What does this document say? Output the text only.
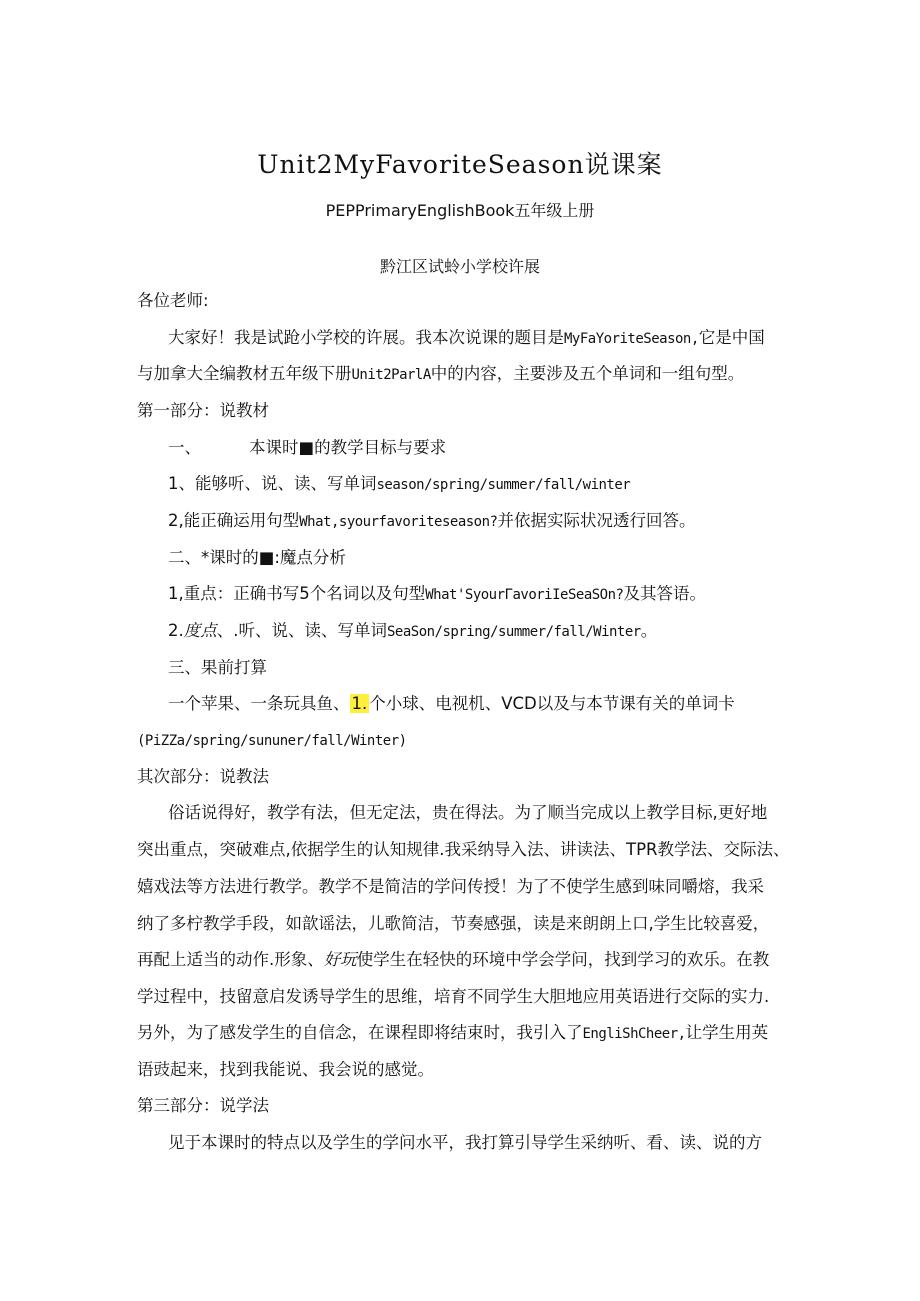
Unit2MyFavoriteSeason说课案
PEPPrimaryEnglishBook五年级上册
黔江区试蛉小学校许展
各位老师:
大家好！我是试跄小学校的许展。我本次说课的题目是MyFaYoriteSeason,它是中国
与加拿大全编教材五年级下册Unit2ParlA中的内容，主要涉及五个单词和一组句型。
第一部分：说教材
一、	本课时■的教学目标与要求
1、能够听、说、读、写单词season/spring/summer/fall/winter
2,能正确运用句型What,syourfavoriteseason?并依据实际状况透行回答。
二、*课时的■:魔点分析
1,重点：正确书写5个名词以及句型What'SyourΓavoriIeSeaSOn?及其答语。
2.度点、.听、说、读、写单词SeaSon/spring/summer/fall/Winter。
三、果前打算
一个苹果、一条玩具鱼、 1. 个小球、电视机、VCD以及与本节课有关的单词卡
(PiZZa/spring/sununer/fall/Winter)
其次部分：说教法
俗话说得好，教学有法，但无定法，贵在得法。为了顺当完成以上教学目标,更好地
突出重点，突破难点,依据学生的认知规律.我采纳导入法、讲读法、TPR教学法、交际法、
嬉戏法等方法进行教学。教学不是简洁的学问传授！为了不使学生感到味同嚼熔，我采
纳了多柠教学手段，如歆谣法，儿歌简洁，节奏感强，读是来朗朗上口,学生比较喜爱，
再配上适当的动作.形象、好玩使学生在轻快的环境中学会学问，找到学习的欢乐。在教
学过程中，技留意启发诱导学生的思维，培育不同学生大胆地应用英语进行交际的实力.
另外，为了感发学生的自信念，在课程即将结束时，我引入了EngliShCheer,让学生用英
语豉起来，找到我能说、我会说的感觉。
第三部分：说学法
见于本课时的特点以及学生的学问水平，我打算引导学生采纳听、看、读、说的方
